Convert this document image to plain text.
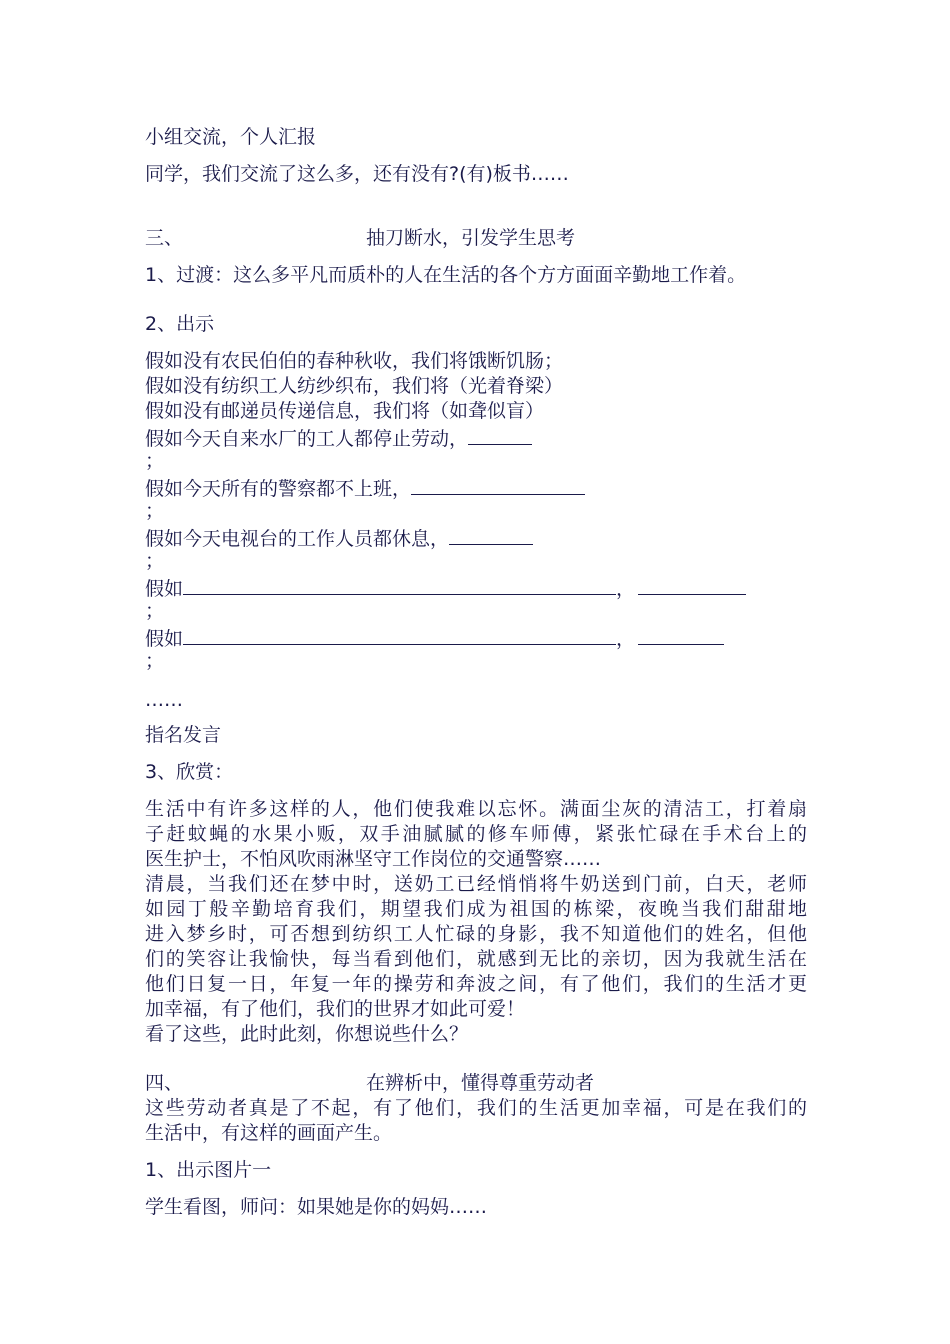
小组交流，个人汇报

同学，我们交流了这么多，还有没有?(有)板书……

三、	抽刀断水，引发学生思考

1、过渡：这么多平凡而质朴的人在生活的各个方方面面辛勤地工作着。

2、出示

假如没有农民伯伯的春种秋收，我们将饿断饥肠；

假如没有纺织工人纺纱织布，我们将（光着脊梁）

假如没有邮递员传递信息，我们将（如聋似盲）

假如今天自来水厂的工人都停止劳动，

；

假如今天所有的警察都不上班，

；

假如今天电视台的工作人员都休息，

；

假如	，

；

假如	，

；

……

指名发言

3、欣赏：

生活中有许多这样的人，他们使我难以忘怀。满面尘灰的清洁工，打着扇

子赶蚊蝇的水果小贩，双手油腻腻的修车师傅，紧张忙碌在手术台上的

医生护士，不怕风吹雨淋坚守工作岗位的交通警察……

清晨，当我们还在梦中时，送奶工已经悄悄将牛奶送到门前，白天，老师

如园丁般辛勤培育我们，期望我们成为祖国的栋梁，夜晚当我们甜甜地

进入梦乡时，可否想到纺织工人忙碌的身影，我不知道他们的姓名，但他

们的笑容让我愉快，每当看到他们，就感到无比的亲切，因为我就生活在

他们日复一日，年复一年的操劳和奔波之间，有了他们，我们的生活才更

加幸福，有了他们，我们的世界才如此可爱！

看了这些，此时此刻，你想说些什么？

四、	在辨析中，懂得尊重劳动者

这些劳动者真是了不起，有了他们，我们的生活更加幸福，可是在我们的

生活中，有这样的画面产生。

1、出示图片一

学生看图，师问：如果她是你的妈妈……
